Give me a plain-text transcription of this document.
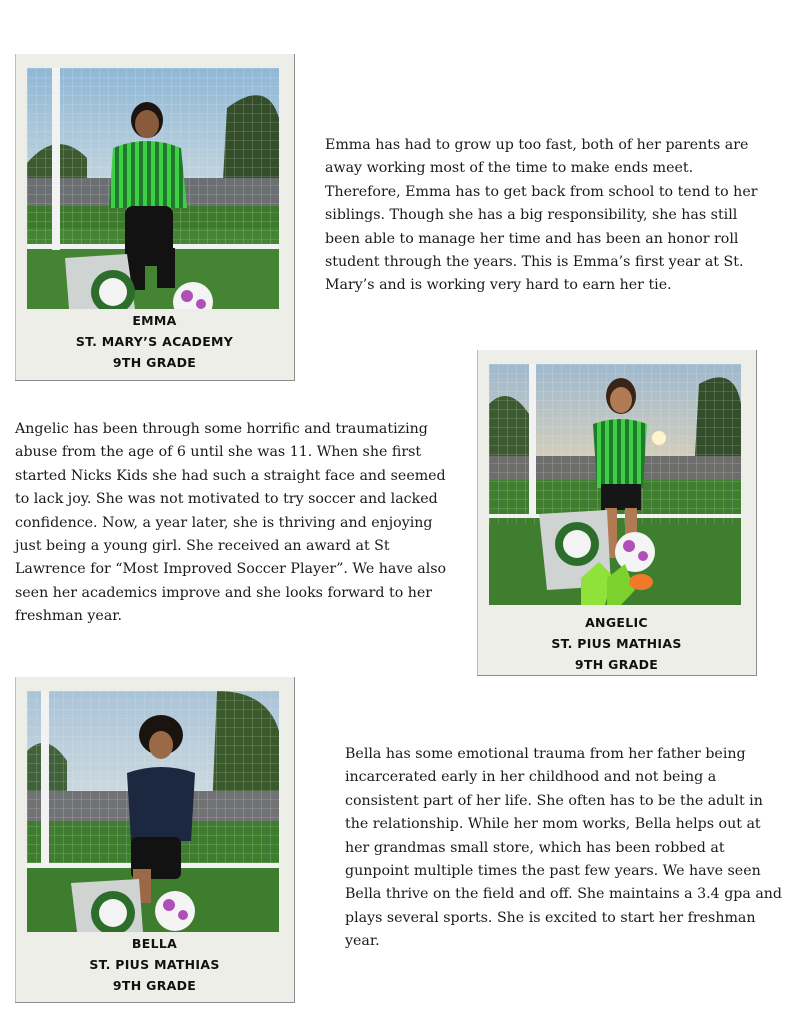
EMMA
ST. MARY’S ACADEMY
9TH GRADE

Emma has had to grow up too fast, both of her parents are away working most of the time to make ends meet. Therefore, Emma has to get back from school to tend to her siblings. Though she has a big responsibility, she has still been able to manage her time and has been an honor roll student through the years. This is Emma’s first year at St. Mary’s and is working very hard to earn her tie.

ANGELIC
ST. PIUS MATHIAS
9TH GRADE

Angelic has been through some horrific and traumatizing abuse from the age of 6 until she was 11. When she first started Nicks Kids she had such a straight face and seemed to lack joy. She was not motivated to try soccer and lacked confidence. Now, a year later, she is thriving and enjoying just being a young girl. She received an award at St Lawrence for “Most Improved Soccer Player”. We have also seen her academics improve and she looks forward to her freshman year.

BELLA
ST. PIUS MATHIAS
9TH GRADE

Bella has some emotional trauma from her father being incarcerated early in her childhood and not being a consistent part of her life. She often has to be the adult in the relationship. While her mom works, Bella helps out at her grandmas small store, which has been robbed at gunpoint multiple times the past few years. We have seen Bella thrive on the field and off. She maintains a 3.4 gpa and plays several sports. She is excited to start her freshman year.
